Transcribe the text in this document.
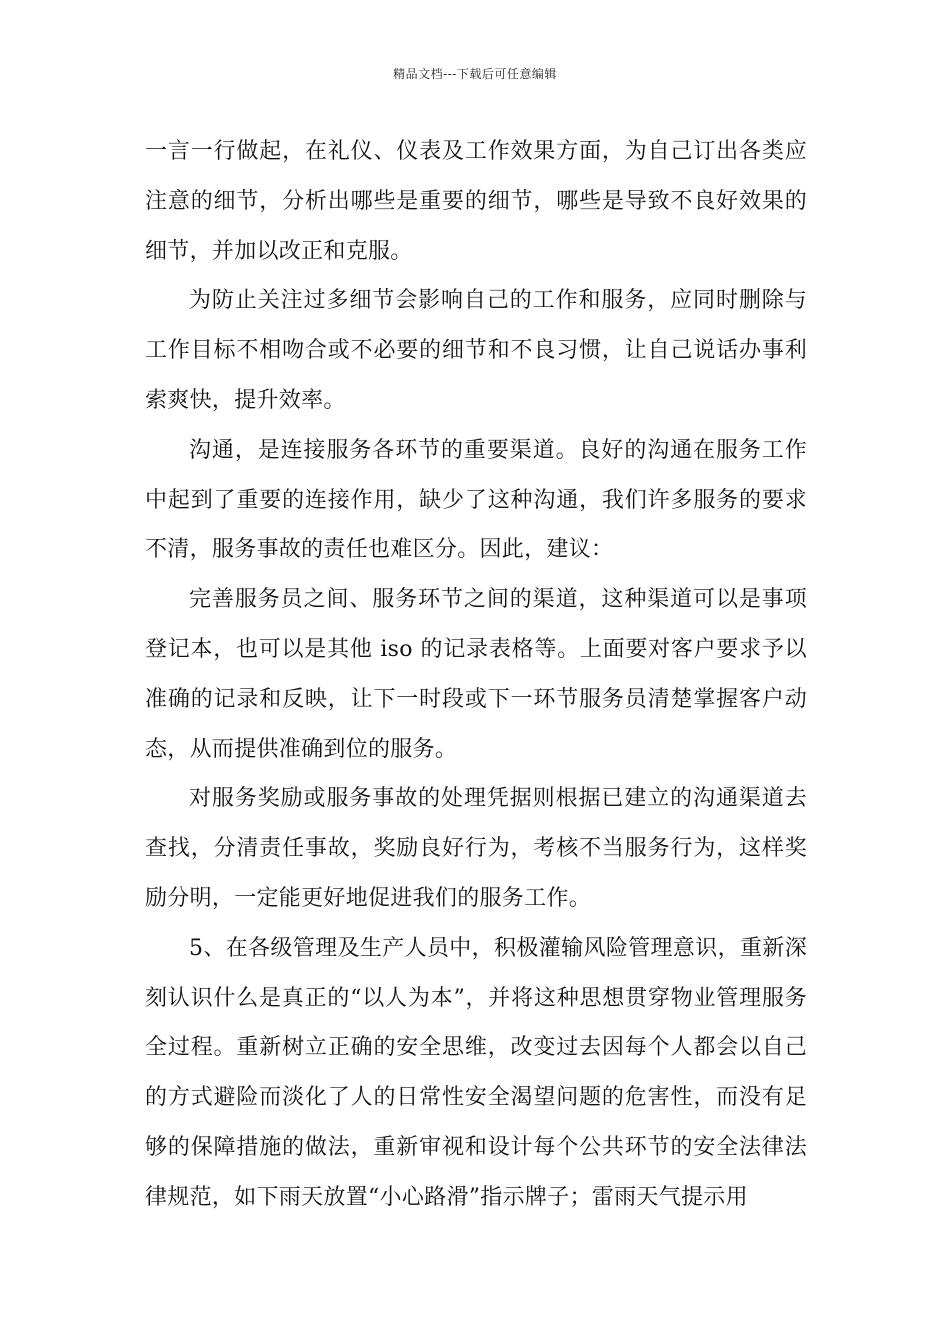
精品文档---下载后可任意编辑

一言一行做起，在礼仪、仪表及工作效果方面，为自己订出各类应注意的细节，分析出哪些是重要的细节，哪些是导致不良好效果的细节，并加以改正和克服。

为防止关注过多细节会影响自己的工作和服务，应同时删除与工作目标不相吻合或不必要的细节和不良习惯，让自己说话办事利索爽快，提升效率。

沟通，是连接服务各环节的重要渠道。良好的沟通在服务工作中起到了重要的连接作用，缺少了这种沟通，我们许多服务的要求不清，服务事故的责任也难区分。因此，建议：

完善服务员之间、服务环节之间的渠道，这种渠道可以是事项登记本，也可以是其他 iso 的记录表格等。上面要对客户要求予以准确的记录和反映，让下一时段或下一环节服务员清楚掌握客户动态，从而提供准确到位的服务。

对服务奖励或服务事故的处理凭据则根据已建立的沟通渠道去查找，分清责任事故，奖励良好行为，考核不当服务行为，这样奖励分明，一定能更好地促进我们的服务工作。

5、在各级管理及生产人员中，积极灌输风险管理意识，重新深刻认识什么是真正的“以人为本”，并将这种思想贯穿物业管理服务全过程。重新树立正确的安全思维，改变过去因每个人都会以自己的方式避险而淡化了人的日常性安全渴望问题的危害性，而没有足够的保障措施的做法，重新审视和设计每个公共环节的安全法律法律规范，如下雨天放置“小心路滑”指示牌子；雷雨天气提示用
